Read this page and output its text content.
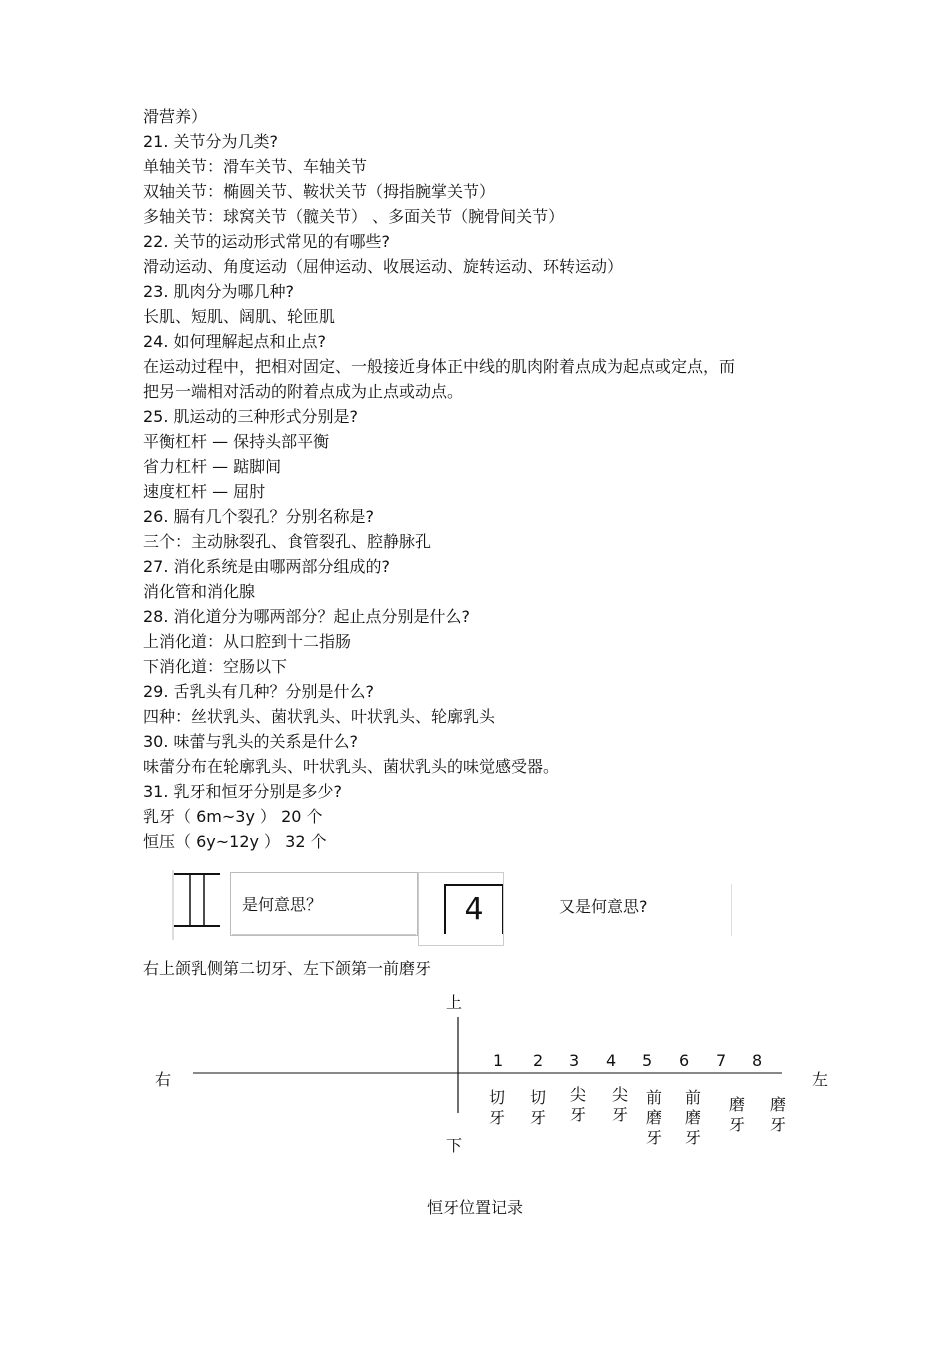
滑营养）
21. 关节分为几类?
单轴关节：滑车关节、车轴关节
双轴关节：椭圆关节、鞍状关节（拇指腕掌关节）
多轴关节：球窝关节（髋关节） 、多面关节（腕骨间关节）
22. 关节的运动形式常见的有哪些?
滑动运动、角度运动（屈伸运动、收展运动、旋转运动、环转运动）
23. 肌肉分为哪几种?
长肌、短肌、阔肌、轮匝肌
24. 如何理解起点和止点?
在运动过程中，把相对固定、一般接近身体正中线的肌肉附着点成为起点或定点，而
把另一端相对活动的附着点成为止点或动点。
25. 肌运动的三种形式分别是?
平衡杠杆 — 保持头部平衡
省力杠杆 — 踮脚间
速度杠杆 — 屈肘
26. 膈有几个裂孔？分别名称是?
三个：主动脉裂孔、食管裂孔、腔静脉孔
27. 消化系统是由哪两部分组成的?
消化管和消化腺
28. 消化道分为哪两部分？起止点分别是什么?
上消化道：从口腔到十二指肠
下消化道：空肠以下
29. 舌乳头有几种？分别是什么?
四种：丝状乳头、菌状乳头、叶状乳头、轮廓乳头
30. 味蕾与乳头的关系是什么?
味蕾分布在轮廓乳头、叶状乳头、菌状乳头的味觉感受器。
31. 乳牙和恒牙分别是多少?
乳牙（ 6m~3y ） 20 个
恒压（ 6y~12y ） 32 个
是何意思？	4	又是何意思?
右上颌乳侧第二切牙、左下颌第一前磨牙
上
下
右	左
1 2 3 4 5 6 7 8
切
牙
切
牙
尖
牙
尖
牙
前
磨
牙
前
磨
牙
磨
牙
磨
牙
恒牙位置记录
